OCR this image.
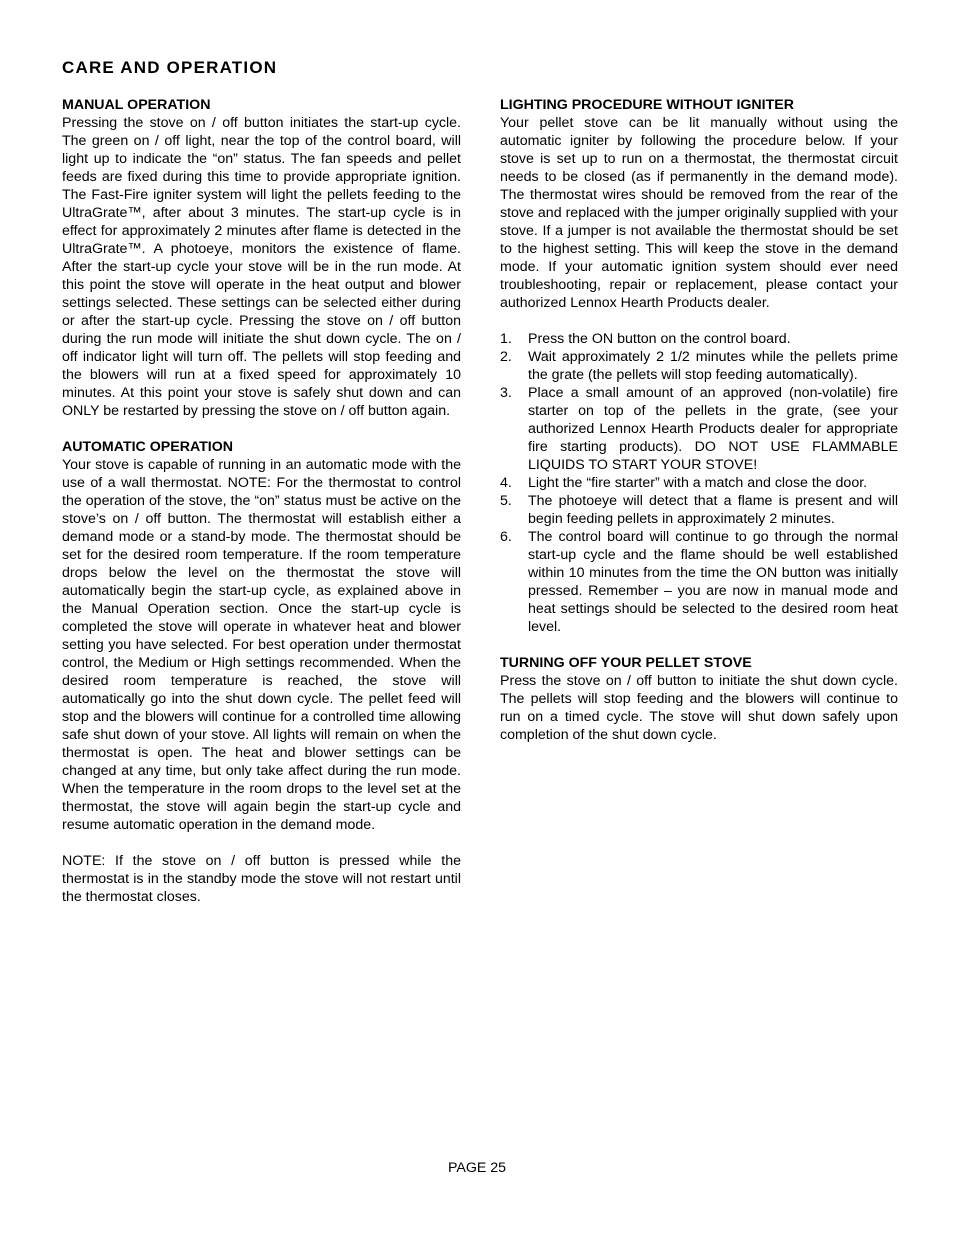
CARE AND OPERATION
MANUAL OPERATION

Pressing the stove on / off button initiates the start-up cycle. The green on / off light, near the top of the control board, will light up to indicate the “on” status. The fan speeds and pellet feeds are fixed during this time to provide appropriate ignition. The Fast-Fire igniter system will light the pellets feeding to the UltraGrate™, after about 3 minutes. The start-up cycle is in effect for approximately 2 minutes after flame is detected in the UltraGrate™. A photoeye, monitors the existence of flame. After the start-up cycle your stove will be in the run mode. At this point the stove will operate in the heat output and blower settings selected. These settings can be selected either during or after the start-up cycle. Pressing the stove on / off button during the run mode will initiate the shut down cycle. The on / off indicator light will turn off. The pellets will stop feeding and the blowers will run at a fixed speed for approximately 10 minutes. At this point your stove is safely shut down and can ONLY be restarted by pressing the stove on / off button again.

AUTOMATIC OPERATION

Your stove is capable of running in an automatic mode with the use of a wall thermostat. NOTE: For the thermostat to control the operation of the stove, the “on” status must be active on the stove’s on / off button. The thermostat will establish either a demand mode or a stand-by mode. The thermostat should be set for the desired room temperature. If the room temperature drops below the level on the thermostat the stove will automatically begin the start-up cycle, as explained above in the Manual Operation section. Once the start-up cycle is completed the stove will operate in whatever heat and blower setting you have selected. For best operation under thermostat control, the Medium or High settings recommended. When the desired room temperature is reached, the stove will automatically go into the shut down cycle. The pellet feed will stop and the blowers will continue for a controlled time allowing safe shut down of your stove. All lights will remain on when the thermostat is open. The heat and blower settings can be changed at any time, but only take affect during the run mode. When the temperature in the room drops to the level set at the thermostat, the stove will again begin the start-up cycle and resume automatic operation in the demand mode.

NOTE: If the stove on / off button is pressed while the thermostat is in the standby mode the stove will not restart until the thermostat closes.

LIGHTING PROCEDURE WITHOUT IGNITER

Your pellet stove can be lit manually without using the automatic igniter by following the procedure below. If your stove is set up to run on a thermostat, the thermostat circuit needs to be closed (as if permanently in the demand mode). The thermostat wires should be removed from the rear of the stove and replaced with the jumper originally supplied with your stove. If a jumper is not available the thermostat should be set to the highest setting. This will keep the stove in the demand mode. If your automatic ignition system should ever need troubleshooting, repair or replacement, please contact your authorized Lennox Hearth Products dealer.

1.	Press the ON button on the control board.
2.	Wait approximately 2 1/2 minutes while the pellets prime the grate (the pellets will stop feeding automatically).
3.	Place a small amount of an approved (non-volatile) fire starter on top of the pellets in the grate, (see your authorized Lennox Hearth Products dealer for appropriate fire starting products). DO NOT USE FLAMMABLE LIQUIDS TO START YOUR STOVE!
4.	Light the “fire starter” with a match and close the door.
5.	The photoeye will detect that a flame is present and will begin feeding pellets in approximately 2 minutes.
6.	The control board will continue to go through the normal start-up cycle and the flame should be well established within 10 minutes from the time the ON button was initially pressed. Remember – you are now in manual mode and heat settings should be selected to the desired room heat level.
TURNING OFF YOUR PELLET STOVE

Press the stove on / off button to initiate the shut down cycle. The pellets will stop feeding and the blowers will continue to run on a timed cycle. The stove will shut down safely upon completion of the shut down cycle.

PAGE 25
